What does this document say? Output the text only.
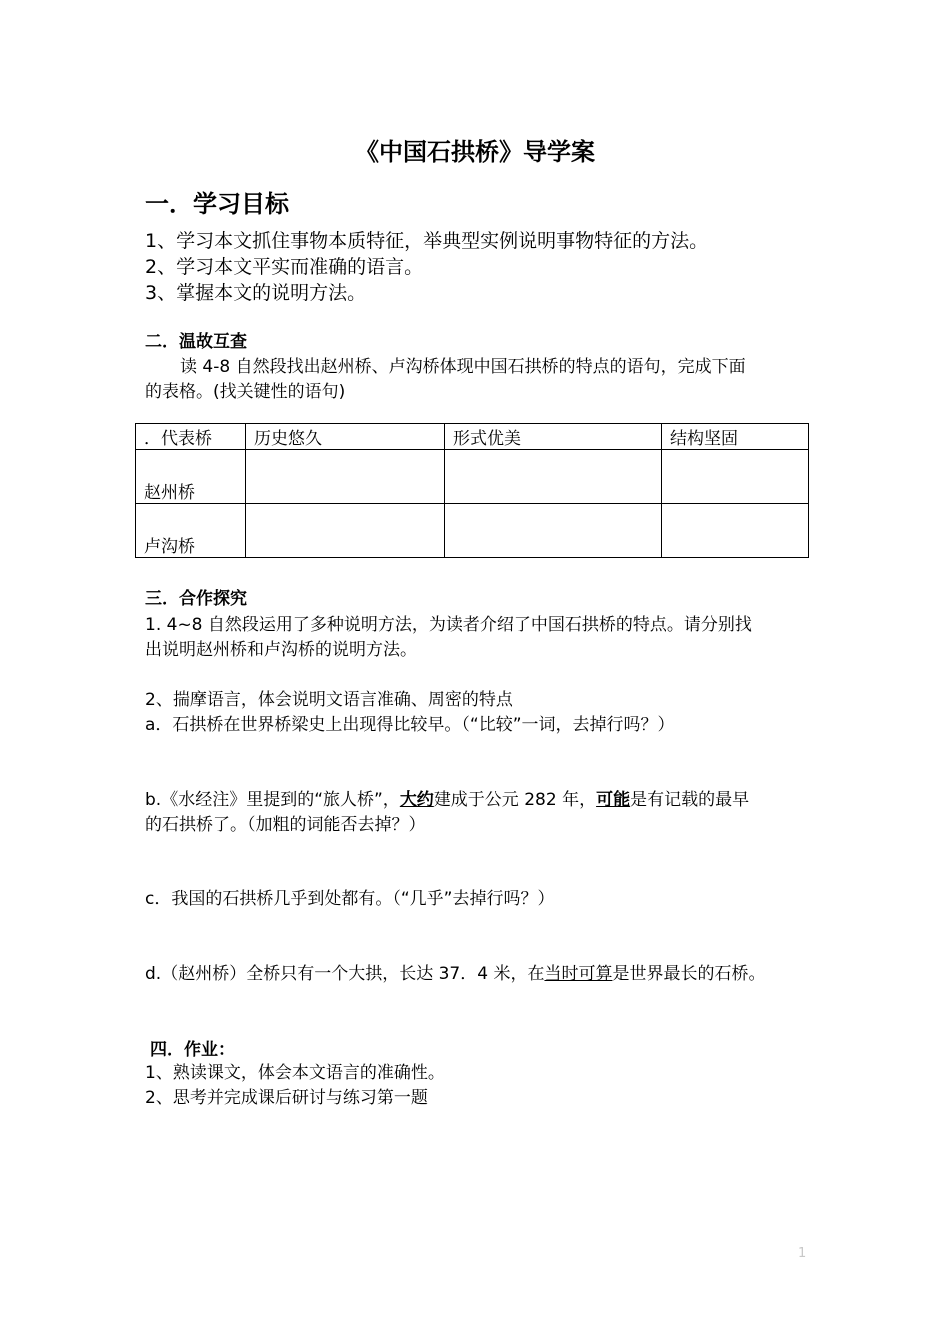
《中国石拱桥》导学案
一．学习目标
1、学习本文抓住事物本质特征，举典型实例说明事物特征的方法。
2、学习本文平实而准确的语言。
3、掌握本文的说明方法。
二．温故互查
读 4-8 自然段找出赵州桥、卢沟桥体现中国石拱桥的特点的语句，完成下面
的表格。(找关键性的语句)
．代表桥	历史悠久	形式优美	结构坚固
赵州桥			
卢沟桥			
三．合作探究
1. 4~8 自然段运用了多种说明方法，为读者介绍了中国石拱桥的特点。请分别找
出说明赵州桥和卢沟桥的说明方法。
2、揣摩语言，体会说明文语言准确、周密的特点
a．石拱桥在世界桥梁史上出现得比较早。（“比较”一词，去掉行吗？）
b.《水经注》里提到的“旅人桥”，大约建成于公元 282 年，可能是有记载的最早
的石拱桥了。（加粗的词能否去掉？）
c．我国的石拱桥几乎到处都有。（“几乎”去掉行吗？）
d.（赵州桥）全桥只有一个大拱，长达 37．4 米，在当时可算是世界最长的石桥。
四．作业：
1、熟读课文，体会本文语言的准确性。
2、思考并完成课后研讨与练习第一题
1
